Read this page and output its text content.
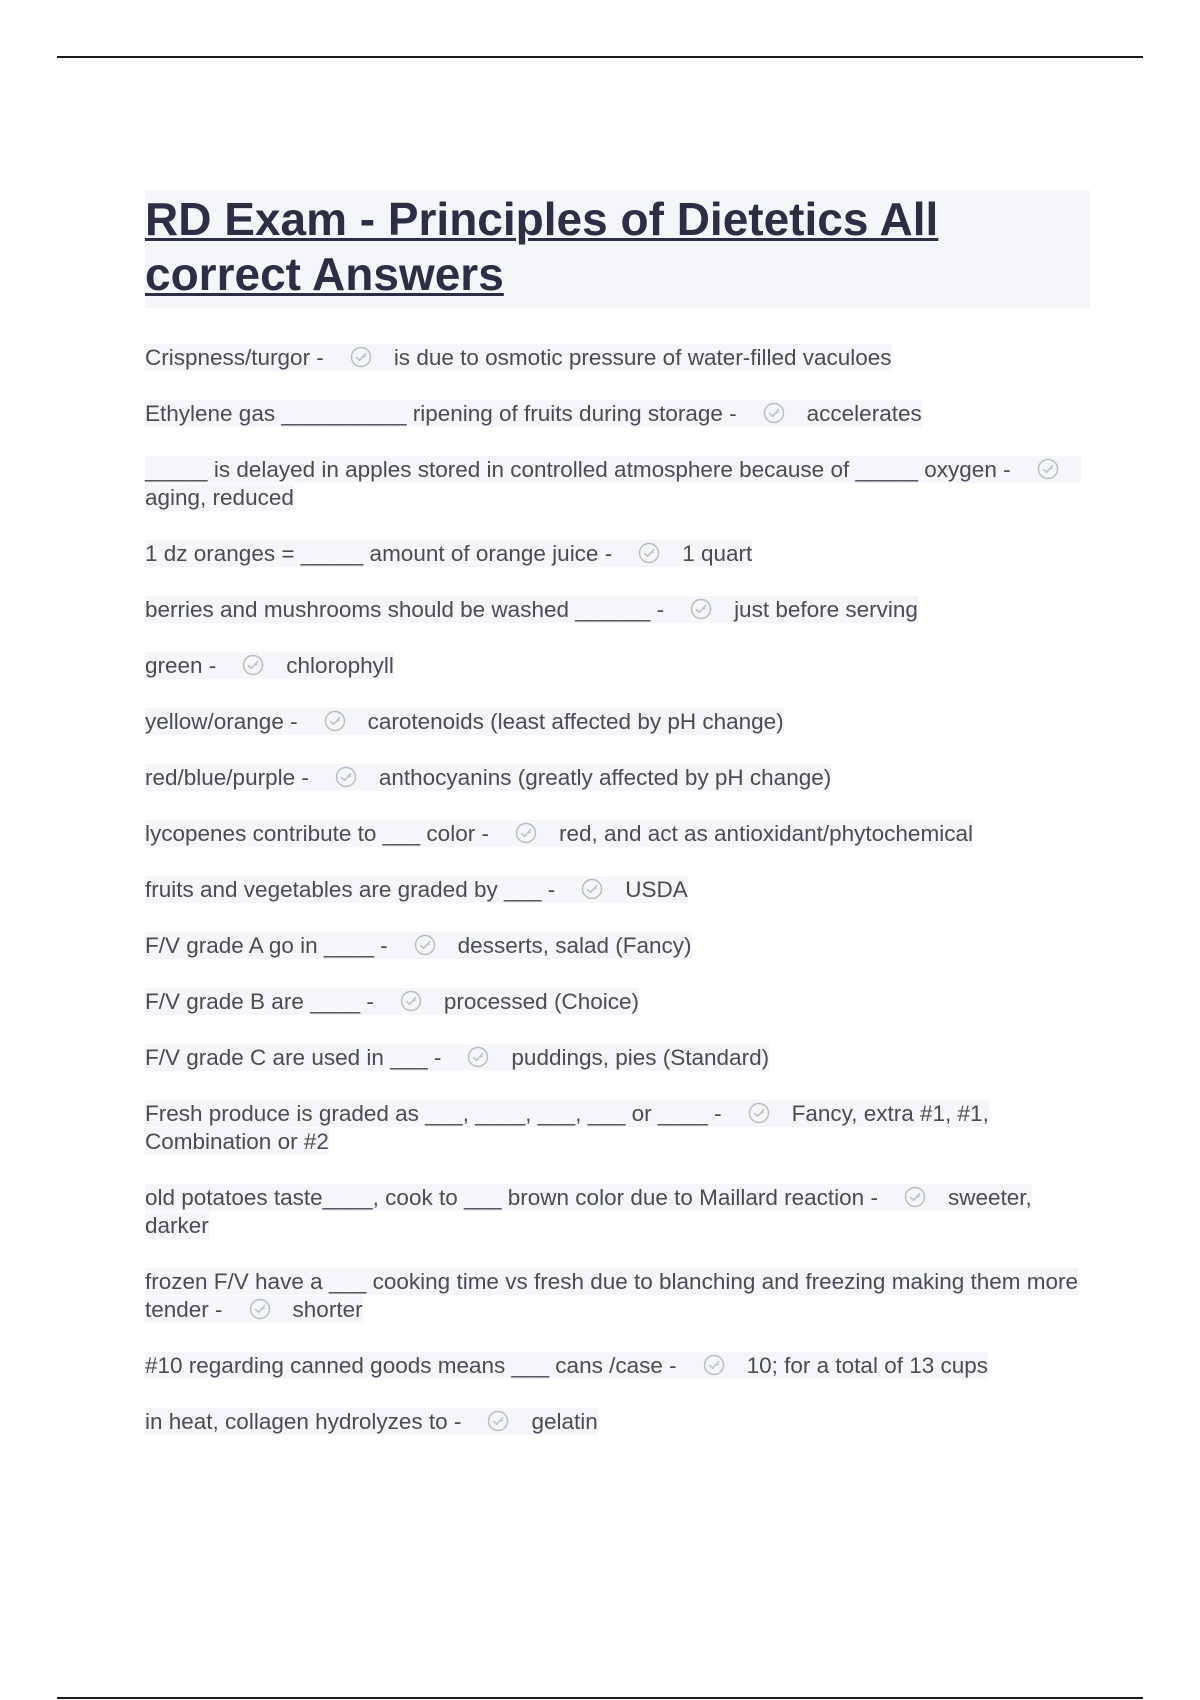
RD Exam - Principles of Dietetics All correct Answers
Crispness/turgor -	is due to osmotic pressure of water-filled vaculoes
Ethylene gas __________ ripening of fruits during storage -	accelerates
_____ is delayed in apples stored in controlled atmosphere because of _____ oxygen -
aging, reduced
1 dz oranges = _____ amount of orange juice -	1 quart
berries and mushrooms should be washed ______ -	just before serving
green -	chlorophyll
yellow/orange -	carotenoids (least affected by pH change)
red/blue/purple -	anthocyanins (greatly affected by pH change)
lycopenes contribute to ___ color -	red, and act as antioxidant/phytochemical
fruits and vegetables are graded by ___ -	USDA
F/V grade A go in ____ -	desserts, salad (Fancy)
F/V grade B are ____ -	processed (Choice)
F/V grade C are used in ___ -	puddings, pies (Standard)
Fresh produce is graded as ___, ____, ___, ___ or ____ -	Fancy, extra #1, #1, Combination or #2
old potatoes taste____, cook to ___ brown color due to Maillard reaction -	sweeter, darker
frozen F/V have a ___ cooking time vs fresh due to blanching and freezing making them more tender -	shorter
#10 regarding canned goods means ___ cans /case -	10; for a total of 13 cups
in heat, collagen hydrolyzes to -	gelatin
